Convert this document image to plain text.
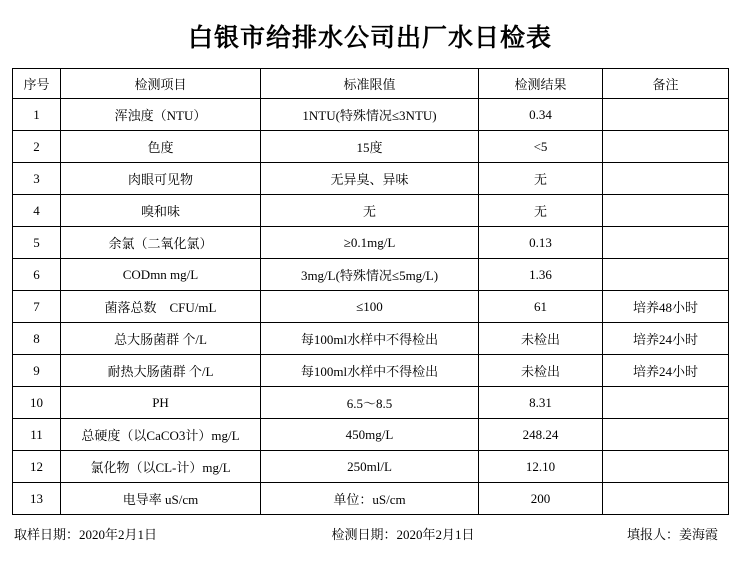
白银市给排水公司出厂水日检表
序号	检测项目	标准限值	检测结果	备注
1	浑浊度（NTU）	1NTU(特殊情况≤3NTU)	0.34	
2	色度	15度	<5	
3	肉眼可见物	无异臭、异味	无	
4	嗅和味	无	无	
5	余氯（二氧化氯）	≥0.1mg/L	0.13	
6	CODmn mg/L	3mg/L(特殊情况≤5mg/L)	1.36	
7	菌落总数　CFU/mL	≤100	61	培养48小时
8	总大肠菌群 个/L	每100ml水样中不得检出	未检出	培养24小时
9	耐热大肠菌群 个/L	每100ml水样中不得检出	未检出	培养24小时
10	PH	6.5～8.5	8.31	
11	总硬度（以CaCO3计）mg/L	450mg/L	248.24	
12	氯化物（以CL-计）mg/L	250ml/L	12.10	
13	电导率 uS/cm	单位：uS/cm	200	
取样日期：2020年2月1日	检测日期：2020年2月1日	填报人：姜海霞
